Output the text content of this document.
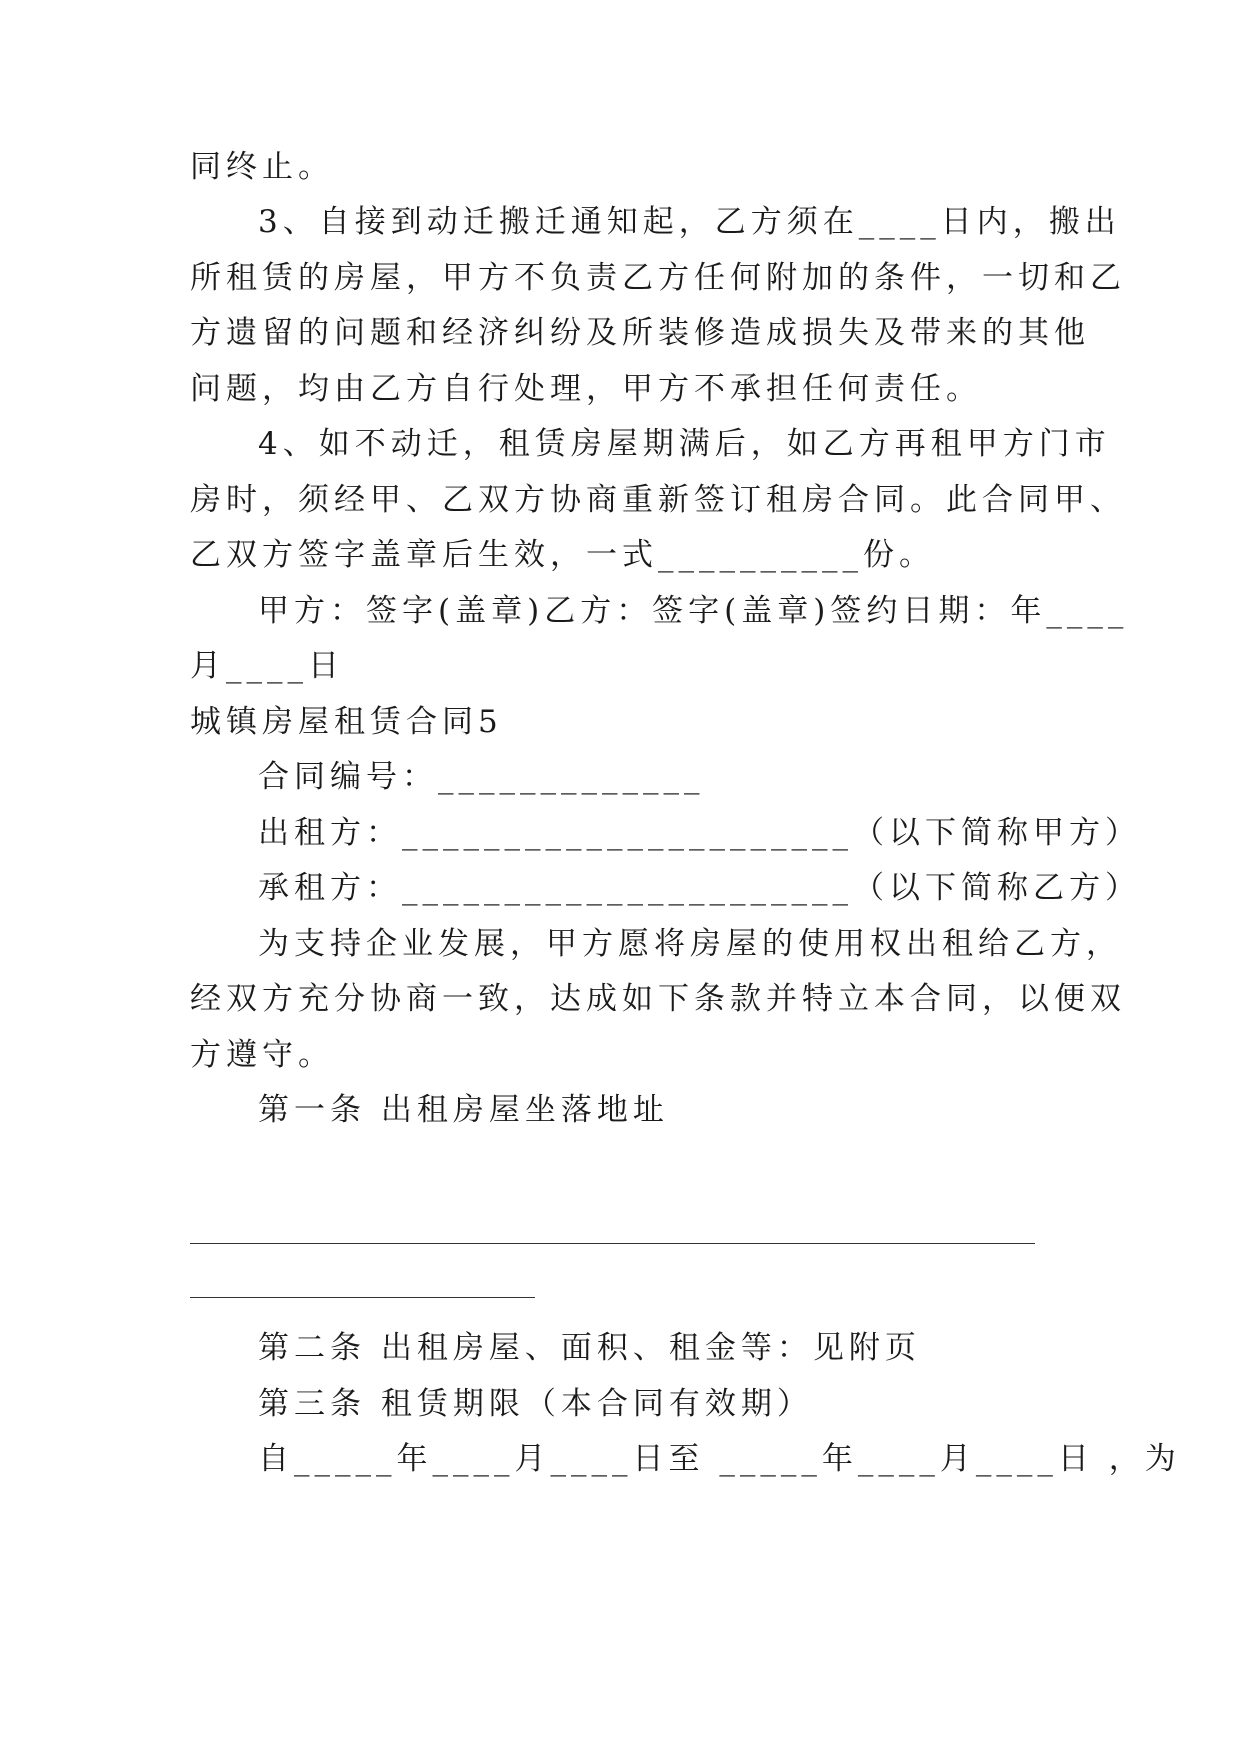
同终止。
3、自接到动迁搬迁通知起，乙方须在____日内，搬出
所租赁的房屋，甲方不负责乙方任何附加的条件，一切和乙
方遗留的问题和经济纠纷及所装修造成损失及带来的其他
问题，均由乙方自行处理，甲方不承担任何责任。
4、如不动迁，租赁房屋期满后，如乙方再租甲方门市
房时，须经甲、乙双方协商重新签订租房合同。此合同甲、
乙双方签字盖章后生效，一式__________份。
甲方：签字(盖章)乙方：签字(盖章)签约日期：年____
月____日
城镇房屋租赁合同5
合同编号：_____________
出租方：______________________（以下简称甲方）
承租方：______________________（以下简称乙方）
为支持企业发展，甲方愿将房屋的使用权出租给乙方，
经双方充分协商一致，达成如下条款并特立本合同，以便双
方遵守。
第一条 出租房屋坐落地址
第二条 出租房屋、面积、租金等：见附页
第三条 租赁期限（本合同有效期）
自_____年____月____日至 _____年____月____日 ，为
